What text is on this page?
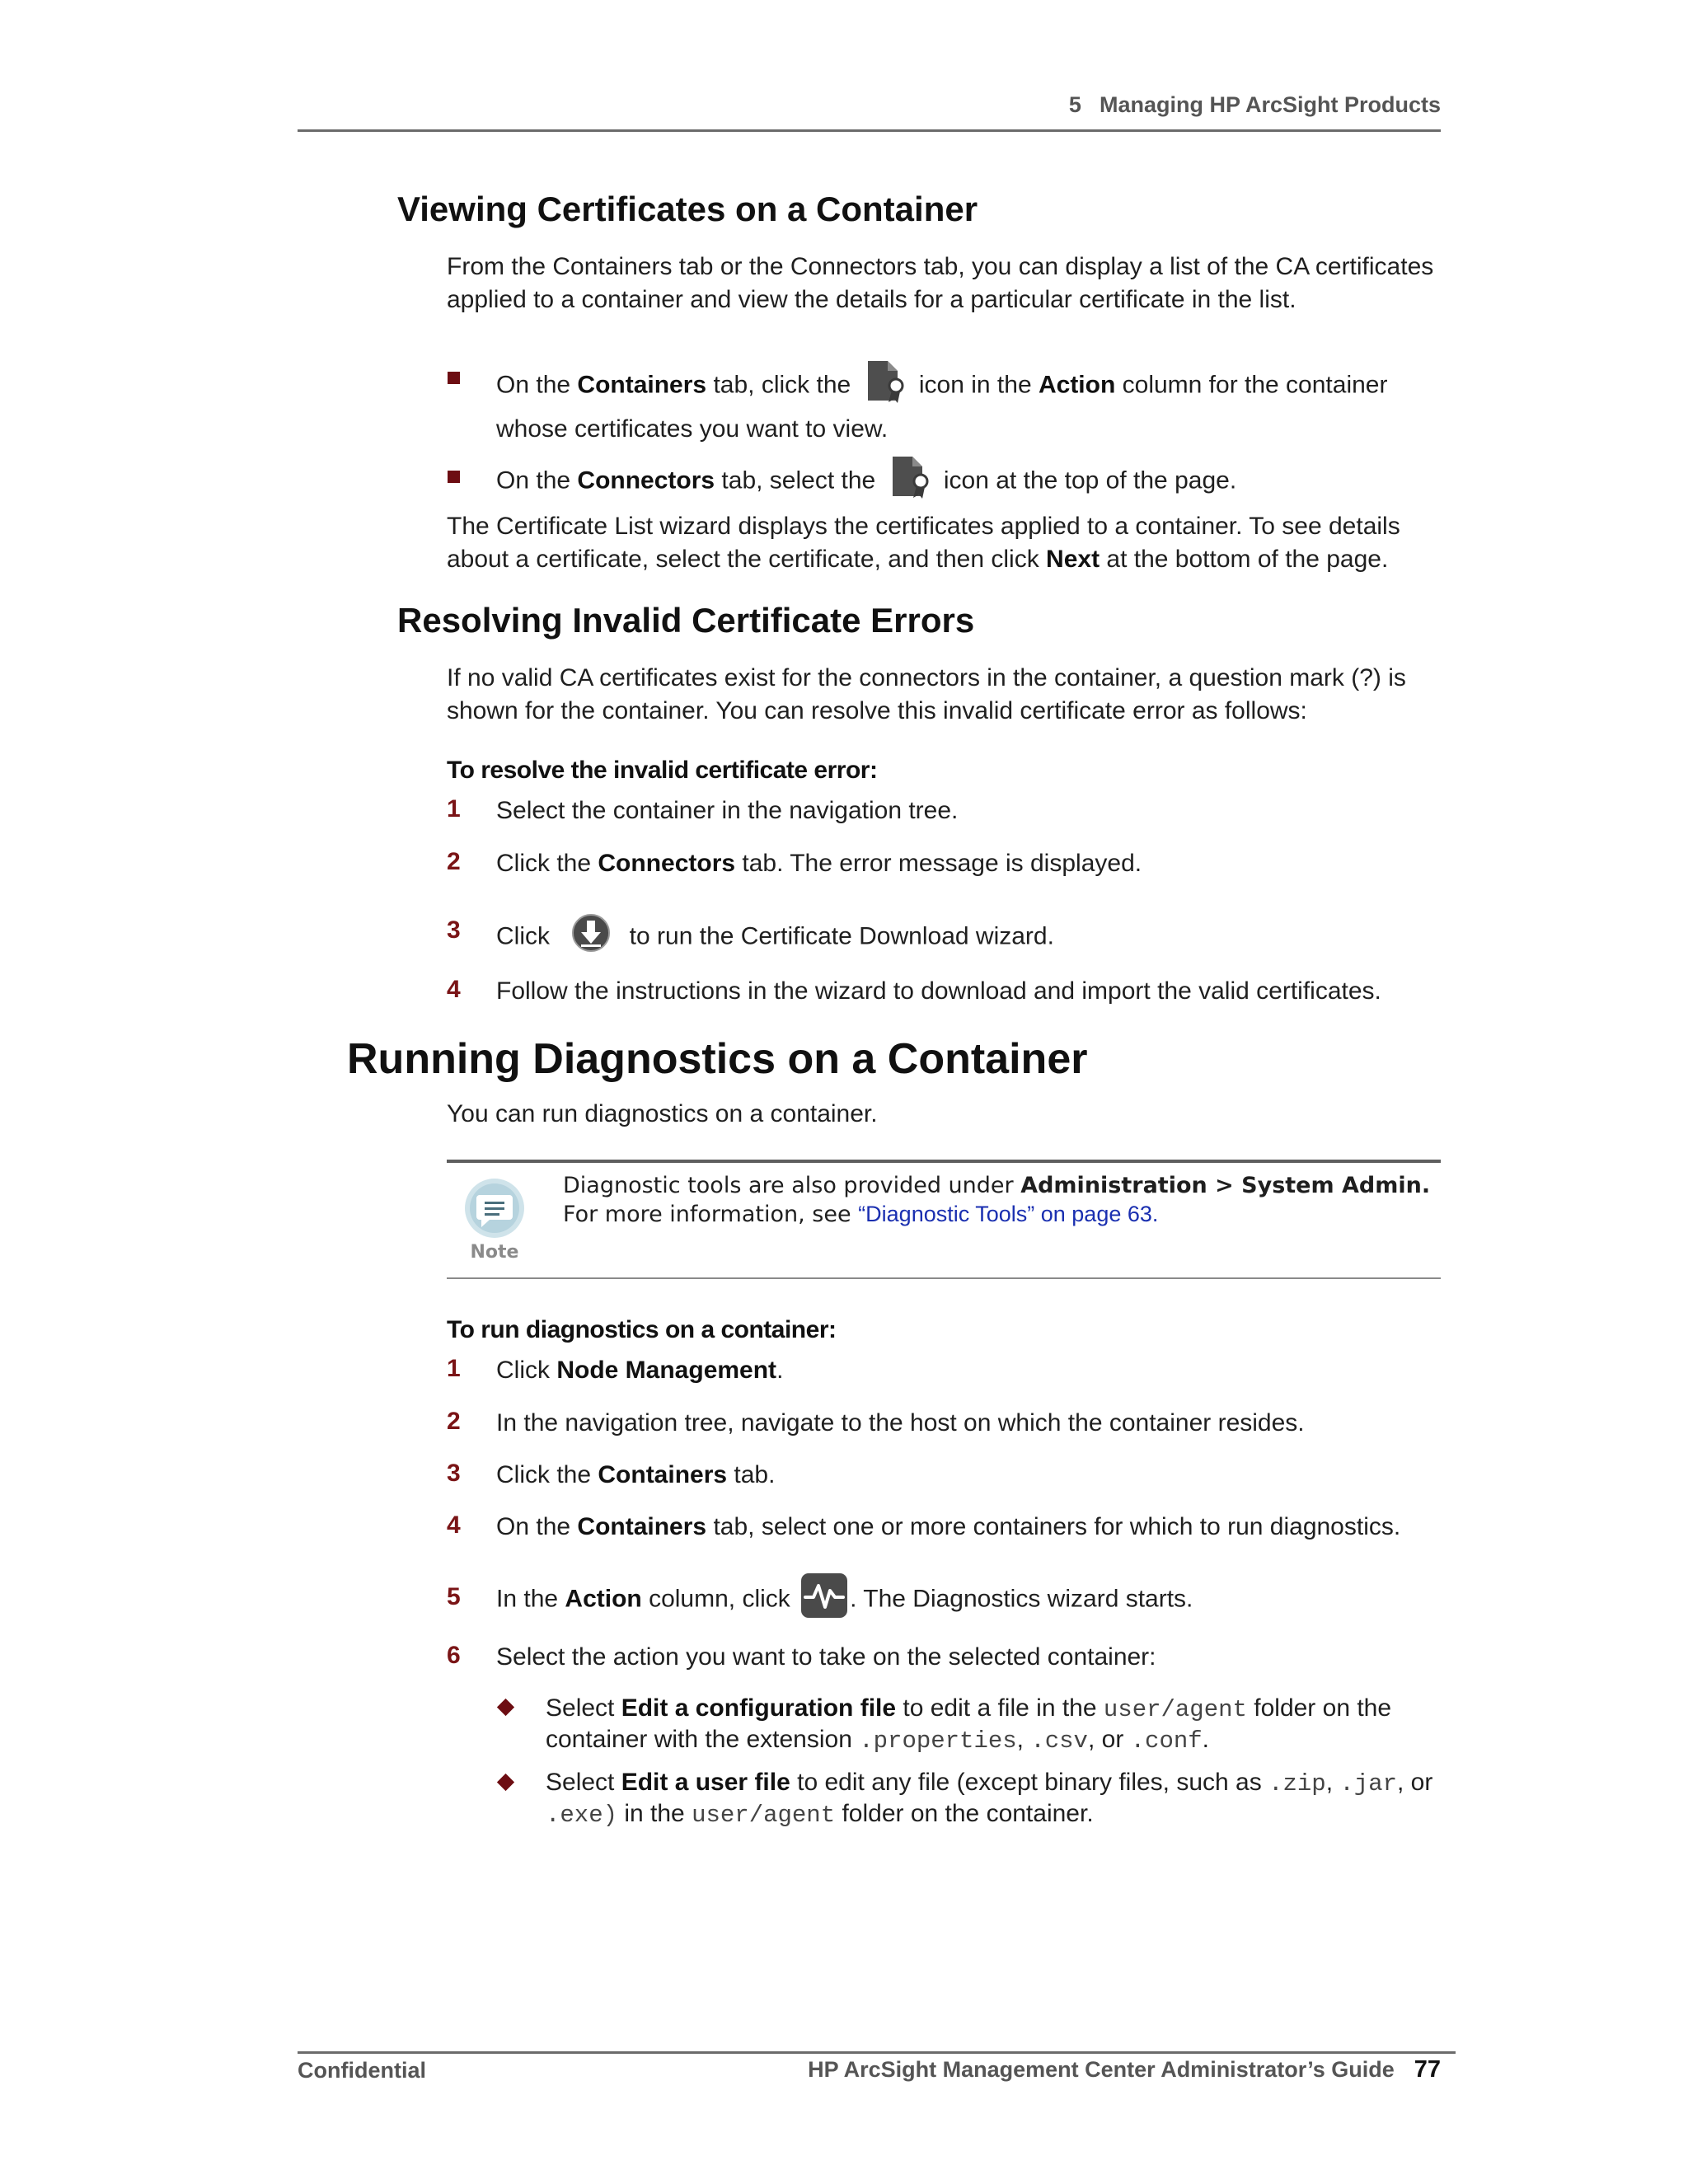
5 Managing HP ArcSight Products
Viewing Certificates on a Container
From the Containers tab or the Connectors tab, you can display a list of the CA certificates
applied to a container and view the details for a particular certificate in the list.
On the Containers tab, click the  icon in the Action column for the container
whose certificates you want to view.
On the Connectors tab, select the  icon at the top of the page.
The Certificate List wizard displays the certificates applied to a container. To see details
about a certificate, select the certificate, and then click Next at the bottom of the page.
Resolving Invalid Certificate Errors
If no valid CA certificates exist for the connectors in the container, a question mark (?) is
shown for the container. You can resolve this invalid certificate error as follows:
To resolve the invalid certificate error:
1 Select the container in the navigation tree.
2 Click the Connectors tab. The error message is displayed.
3 Click	to run the Certificate Download wizard.
4 Follow the instructions in the wizard to download and import the valid certificates.
Running Diagnostics on a Container
You can run diagnostics on a container.
Note
Diagnostic tools are also provided under Administration > System Admin.
For more information, see “Diagnostic Tools” on page 63.
To run diagnostics on a container:
1 Click Node Management.
2 In the navigation tree, navigate to the host on which the container resides.
3 Click the Containers tab.
4 On the Containers tab, select one or more containers for which to run diagnostics.
5 In the Action column, click . The Diagnostics wizard starts.
6 Select the action you want to take on the selected container:
Select Edit a configuration file to edit a file in the user/agent folder on the
container with the extension .properties, .csv, or .conf.
Select Edit a user file to edit any file (except binary files, such as .zip, .jar, or
.exe) in the user/agent folder on the container.
Confidential	HP ArcSight Management Center Administrator’s Guide 77
